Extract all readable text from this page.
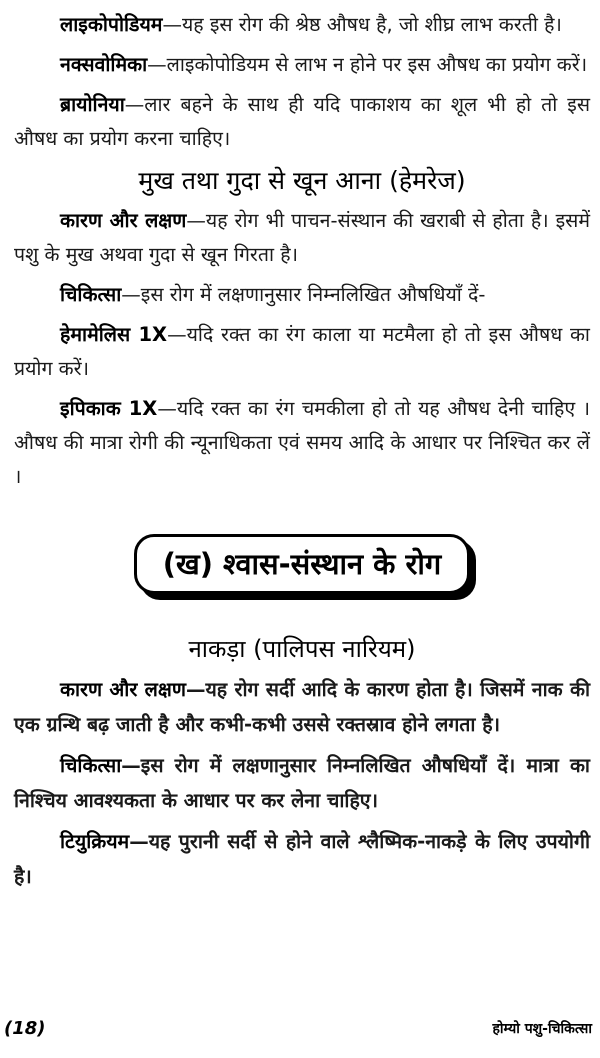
लाइकोपोडियम—यह इस रोग की श्रेष्ठ औषध है, जो शीघ्र लाभ करती है।

नक्सवोमिका—लाइकोपोडियम से लाभ न होने पर इस औषध का प्रयोग करें।

ब्रायोनिया—लार बहने के साथ ही यदि पाकाशय का शूल भी हो तो इस औषध का प्रयोग करना चाहिए।

मुख तथा गुदा से खून आना (हेमरेज)

कारण और लक्षण—यह रोग भी पाचन-संस्थान की खराबी से होता है। इसमें पशु के मुख अथवा गुदा से खून गिरता है।

चिकित्सा—इस रोग में लक्षणानुसार निम्नलिखित औषधियाँ दें-

हेमामेलिस 1X—यदि रक्त का रंग काला या मटमैला हो तो इस औषध का प्रयोग करें।

इपिकाक 1X—यदि रक्त का रंग चमकीला हो तो यह औषध देनी चाहिए । औषध की मात्रा रोगी की न्यूनाधिकता एवं समय आदि के आधार पर निश्चित कर लें ।

(ख) श्वास-संस्थान के रोग
नाकड़ा (पालिपस नारियम)

कारण और लक्षण—यह रोग सर्दी आदि के कारण होता है। जिसमें नाक की एक ग्रन्थि बढ़ जाती है और कभी-कभी उससे रक्तस्राव होने लगता है।

चिकित्सा—इस रोग में लक्षणानुसार निम्नलिखित औषधियाँ दें। मात्रा का निश्चिय आवश्यकता के आधार पर कर लेना चाहिए।

टियुक्रियम—यह पुरानी सर्दी से होने वाले श्लैष्मिक-नाकड़े के लिए उपयोगी है।

(18)	होम्यो पशु-चिकित्सा
